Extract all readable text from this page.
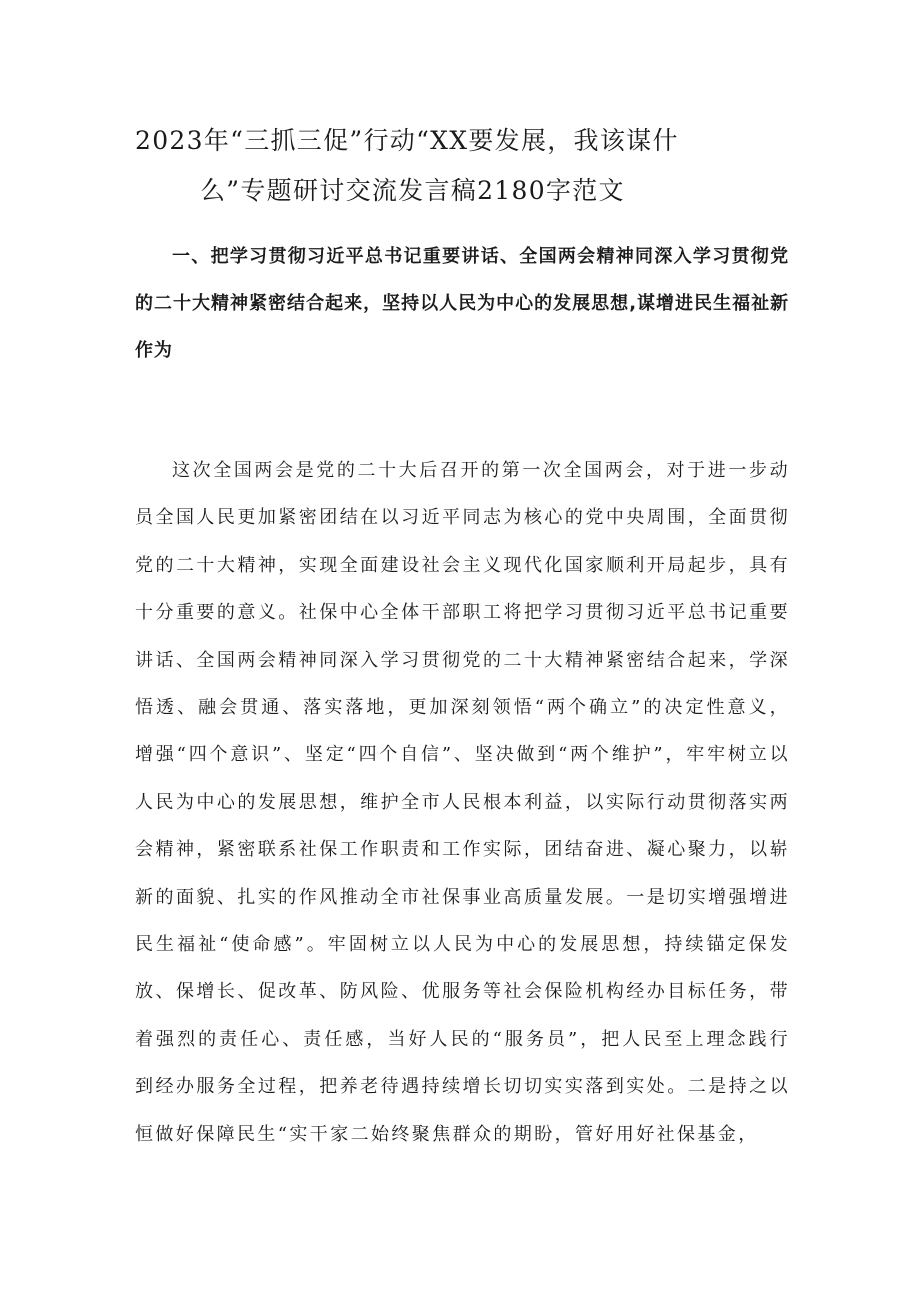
2023年“三抓三促”行动“XX要发展，我该谋什
么”专题研讨交流发言稿2180字范文

一、把学习贯彻习近平总书记重要讲话、全国两会精神同深入学习贯彻党的二十大精神紧密结合起来，坚持以人民为中心的发展思想,谋增进民生福祉新作为

这次全国两会是党的二十大后召开的第一次全国两会，对于进一步动员全国人民更加紧密团结在以习近平同志为核心的党中央周围，全面贯彻党的二十大精神，实现全面建设社会主义现代化国家顺利开局起步，具有十分重要的意义。社保中心全体干部职工将把学习贯彻习近平总书记重要讲话、全国两会精神同深入学习贯彻党的二十大精神紧密结合起来，学深悟透、融会贯通、落实落地，更加深刻领悟“两个确立”的决定性意义，增强“四个意识”、坚定“四个自信”、坚决做到“两个维护”，牢牢树立以人民为中心的发展思想，维护全市人民根本利益，以实际行动贯彻落实两会精神，紧密联系社保工作职责和工作实际，团结奋进、凝心聚力，以崭新的面貌、扎实的作风推动全市社保事业高质量发展。一是切实增强增进民生福祉“使命感”。牢固树立以人民为中心的发展思想，持续锚定保发放、保增长、促改革、防风险、优服务等社会保险机构经办目标任务，带着强烈的责任心、责任感，当好人民的“服务员”，把人民至上理念践行到经办服务全过程，把养老待遇持续增长切切实实落到实处。二是持之以恒做好保障民生“实干家二始终聚焦群众的期盼，管好用好社保基金，
